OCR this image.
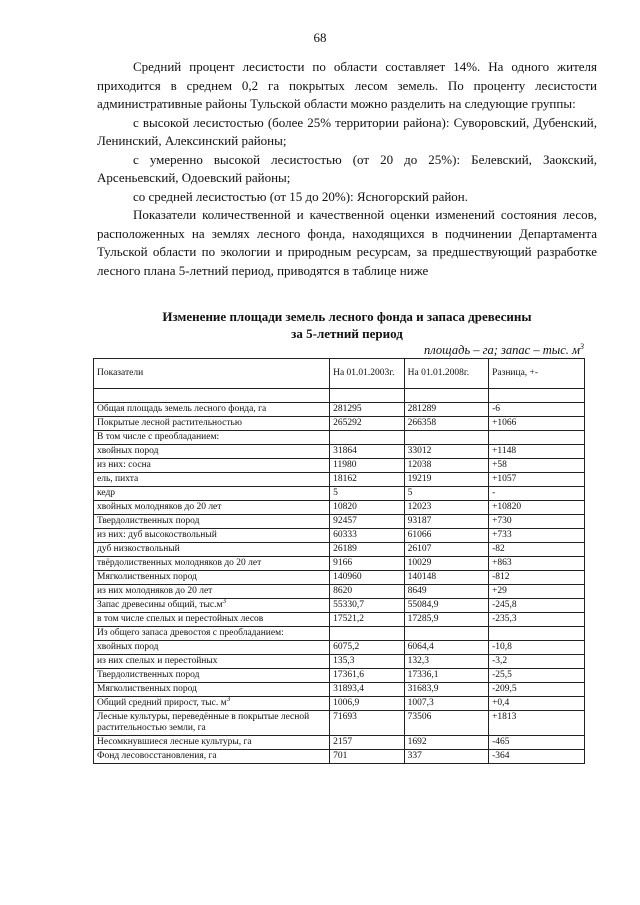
68

Средний процент лесистости по области составляет 14%. На одного жителя приходится в среднем 0,2 га покрытых лесом земель. По проценту лесистости административные районы Тульской области можно разделить на следующие группы:

с высокой лесистостью (более 25% территории района): Суворовский, Дубенский, Ленинский, Алексинский районы;

с умеренно высокой лесистостью (от 20 до 25%): Белевский, Заокский, Арсеньевский, Одоевский районы;

со средней лесистостью (от 15 до 20%): Ясногорский район.

Показатели количественной и качественной оценки изменений состояния лесов, расположенных на землях лесного фонда, находящихся в подчинении Департамента Тульской области по экологии и природным ресурсам, за предшествующий разработке лесного плана 5-летний период, приводятся в таблице ниже

Изменение площади земель лесного фонда и запаса древесины
за 5-летний период
площадь – га; запас – тыс. $м^3$
Показатели	На 01.01.2003г.	На 01.01.2008г.	Разница, +-

Общая площадь земель лесного фонда, га	281295	281289	-6
Покрытые лесной растительностью	265292	266358	+1066
В том числе с преобладанием:			
хвойных пород	31864	33012	+1148
из них: сосна	11980	12038	+58
ель, пихта	18162	19219	+1057
кедр	5	5	-
хвойных молодняков до 20 лет	10820	12023	+10820
Твердолиственных пород	92457	93187	+730
из них: дуб высокоствольный	60333	61066	+733
дуб низкоствольный	26189	26107	-82
твёрдолиственных молодняков до 20 лет	9166	10029	+863
Мягколиственных пород	140960	140148	-812
из них молодняков до 20 лет	8620	8649	+29
Запас древесины общий, $тыс.м^3$	55330,7	55084,9	-245,8
в том числе спелых и перестойных лесов	17521,2	17285,9	-235,3
Из общего запаса древостоя с преобладанием:			
хвойных пород	6075,2	6064,4	-10,8
из них спелых и перестойных	135,3	132,3	-3,2
Твердолиственных пород	17361,6	17336,1	-25,5
Мягколиственных пород	31893,4	31683,9	-209,5
Общий средний прирост, тыс. $м^3$	1006,9	1007,3	+0,4
Лесные культуры, переведённые в покрытые лесной растительностью земли, га	71693	73506	+1813
Несомкнувшиеся лесные культуры, га	2157	1692	-465
Фонд лесовосстановления, га	701	337	-364
